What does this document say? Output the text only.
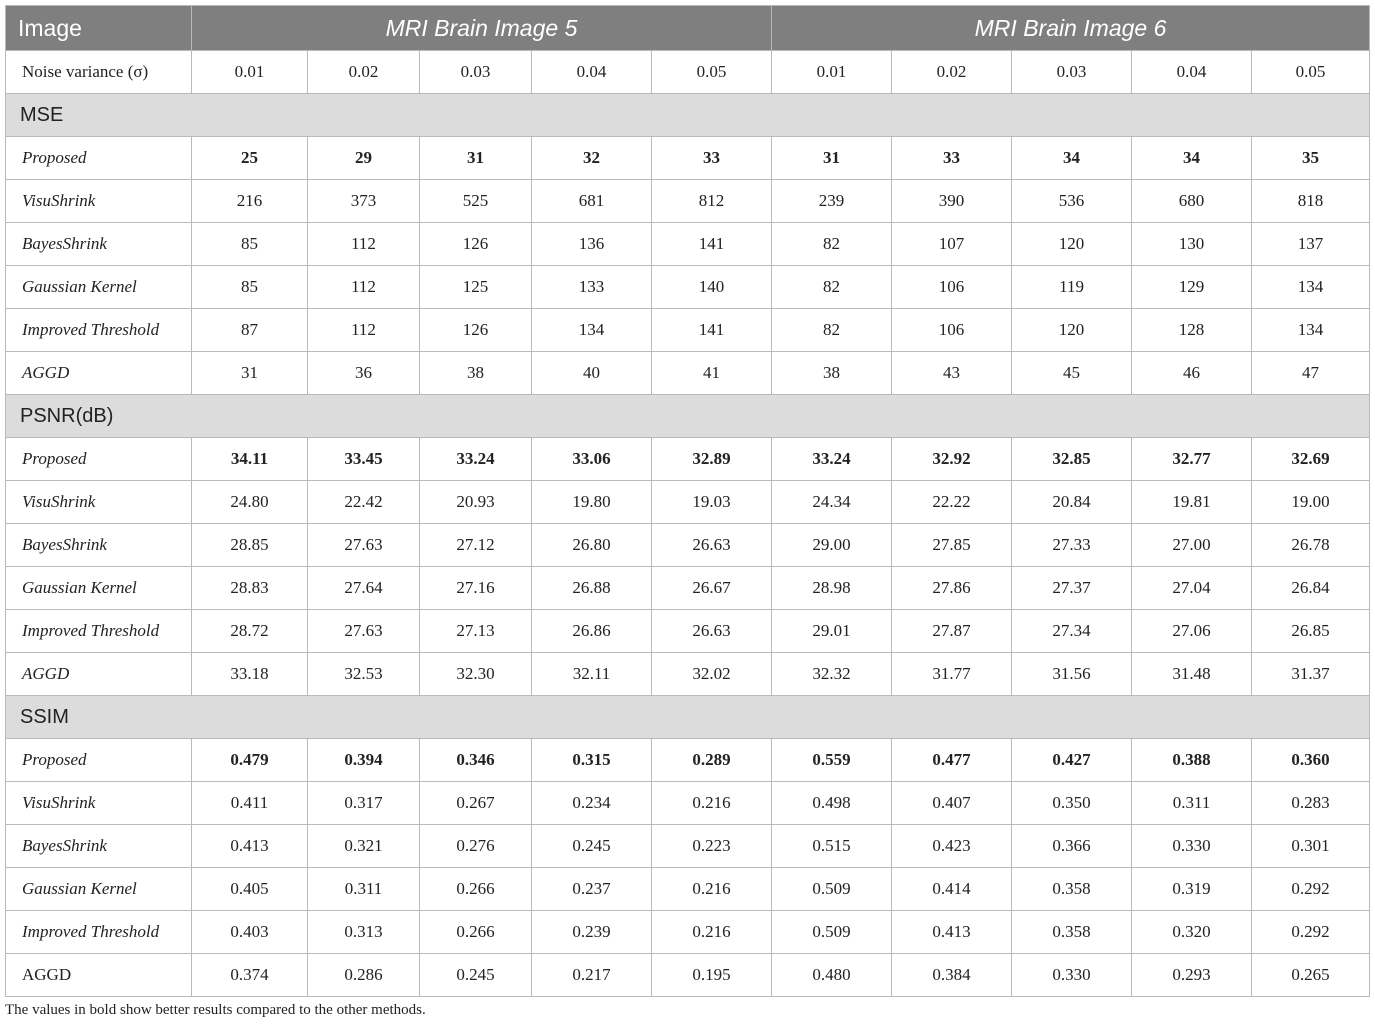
Image	MRI Brain Image 5					MRI Brain Image 6				
Noise variance (σ)	0.01	0.02	0.03	0.04	0.05	0.01	0.02	0.03	0.04	0.05
MSE										
Proposed	25	29	31	32	33	31	33	34	34	35
VisuShrink	216	373	525	681	812	239	390	536	680	818
BayesShrink	85	112	126	136	141	82	107	120	130	137
Gaussian Kernel	85	112	125	133	140	82	106	119	129	134
Improved Threshold	87	112	126	134	141	82	106	120	128	134
AGGD	31	36	38	40	41	38	43	45	46	47
PSNR(dB)										
Proposed	34.11	33.45	33.24	33.06	32.89	33.24	32.92	32.85	32.77	32.69
VisuShrink	24.80	22.42	20.93	19.80	19.03	24.34	22.22	20.84	19.81	19.00
BayesShrink	28.85	27.63	27.12	26.80	26.63	29.00	27.85	27.33	27.00	26.78
Gaussian Kernel	28.83	27.64	27.16	26.88	26.67	28.98	27.86	27.37	27.04	26.84
Improved Threshold	28.72	27.63	27.13	26.86	26.63	29.01	27.87	27.34	27.06	26.85
AGGD	33.18	32.53	32.30	32.11	32.02	32.32	31.77	31.56	31.48	31.37
SSIM										
Proposed	0.479	0.394	0.346	0.315	0.289	0.559	0.477	0.427	0.388	0.360
VisuShrink	0.411	0.317	0.267	0.234	0.216	0.498	0.407	0.350	0.311	0.283
BayesShrink	0.413	0.321	0.276	0.245	0.223	0.515	0.423	0.366	0.330	0.301
Gaussian Kernel	0.405	0.311	0.266	0.237	0.216	0.509	0.414	0.358	0.319	0.292
Improved Threshold	0.403	0.313	0.266	0.239	0.216	0.509	0.413	0.358	0.320	0.292
AGGD	0.374	0.286	0.245	0.217	0.195	0.480	0.384	0.330	0.293	0.265
The values in bold show better results compared to the other methods.
